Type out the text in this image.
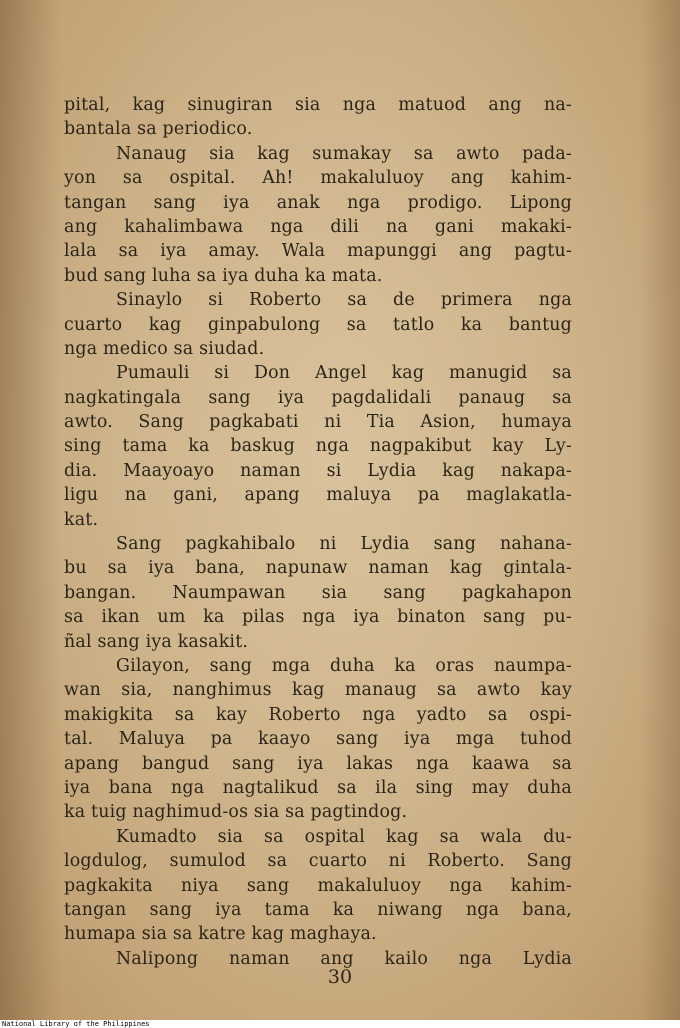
pital, kag sinugiran sia nga matuod ang na-
bantala sa periodico.
Nanaug sia kag sumakay sa awto pada-
yon sa ospital. Ah! makaluluoy ang kahim-
tangan sang iya anak nga prodigo. Lipong
ang kahalimbawa nga dili na gani makaki-
lala sa iya amay. Wala mapunggi ang pagtu-
bud sang luha sa iya duha ka mata.
Sinaylo si Roberto sa de primera nga
cuarto kag ginpabulong sa tatlo ka bantug
nga medico sa siudad.
Pumauli si Don Angel kag manugid sa
nagkatingala sang iya pagdalidali panaug sa
awto. Sang pagkabati ni Tia Asion, humaya
sing tama ka baskug nga nagpakibut kay Ly-
dia. Maayoayo naman si Lydia kag nakapa-
ligu na gani, apang maluya pa maglakatla-
kat.
Sang pagkahibalo ni Lydia sang nahana-
bu sa iya bana, napunaw naman kag gintala-
bangan. Naumpawan sia sang pagkahapon
sa ikan um ka pilas nga iya binaton sang pu-
ñal sang iya kasakit.
Gilayon, sang mga duha ka oras naumpa-
wan sia, nanghimus kag manaug sa awto kay
makigkita sa kay Roberto nga yadto sa ospi-
tal. Maluya pa kaayo sang iya mga tuhod
apang bangud sang iya lakas nga kaawa sa
iya bana nga nagtalikud sa ila sing may duha
ka tuig naghimud-os sia sa pagtindog.
Kumadto sia sa ospital kag sa wala du-
logdulog, sumulod sa cuarto ni Roberto. Sang
pagkakita niya sang makaluluoy nga kahim-
tangan sang iya tama ka niwang nga bana,
humapa sia sa katre kag maghaya.
Nalipong naman ang kailo nga Lydia
30
National Library of the Philippines
